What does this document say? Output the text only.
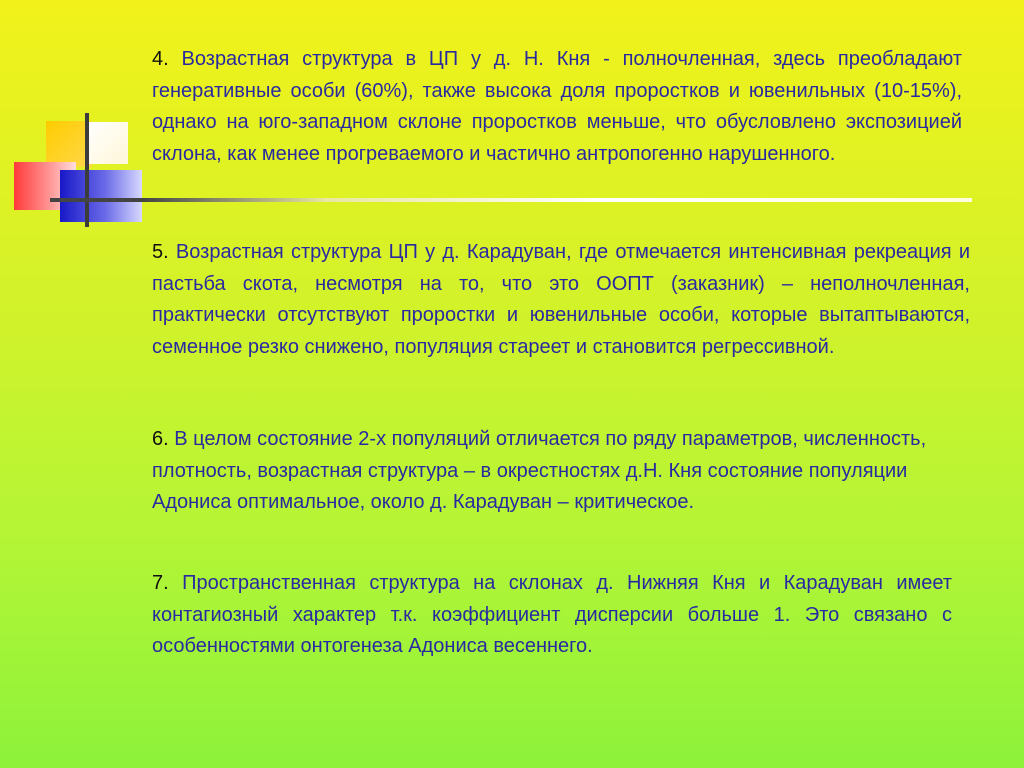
4. Возрастная структура в ЦП у д. Н. Кня - полночленная, здесь преобладают генеративные особи (60%), также высока доля проростков и ювенильных (10-15%), однако на юго-западном склоне проростков меньше, что обусловлено экспозицией склона, как менее прогреваемого и частично антропогенно нарушенного.

5. Возрастная структура ЦП у д. Карадуван, где отмечается интенсивная рекреация и пастьба скота, несмотря на то, что это ООПТ (заказник) – неполночленная, практически отсутствуют проростки и ювенильные особи, которые вытаптываются, семенное резко снижено, популяция стареет и становится регрессивной.

6. В целом состояние 2-х популяций отличается по ряду параметров, численность, плотность, возрастная структура – в окрестностях д.Н. Кня состояние популяции Адониса оптимальное, около д. Карадуван – критическое.

7. Пространственная структура на склонах д. Нижняя Кня и Карадуван имеет контагиозный характер т.к. коэффициент дисперсии больше 1. Это связано с особенностями онтогенеза Адониса весеннего.
